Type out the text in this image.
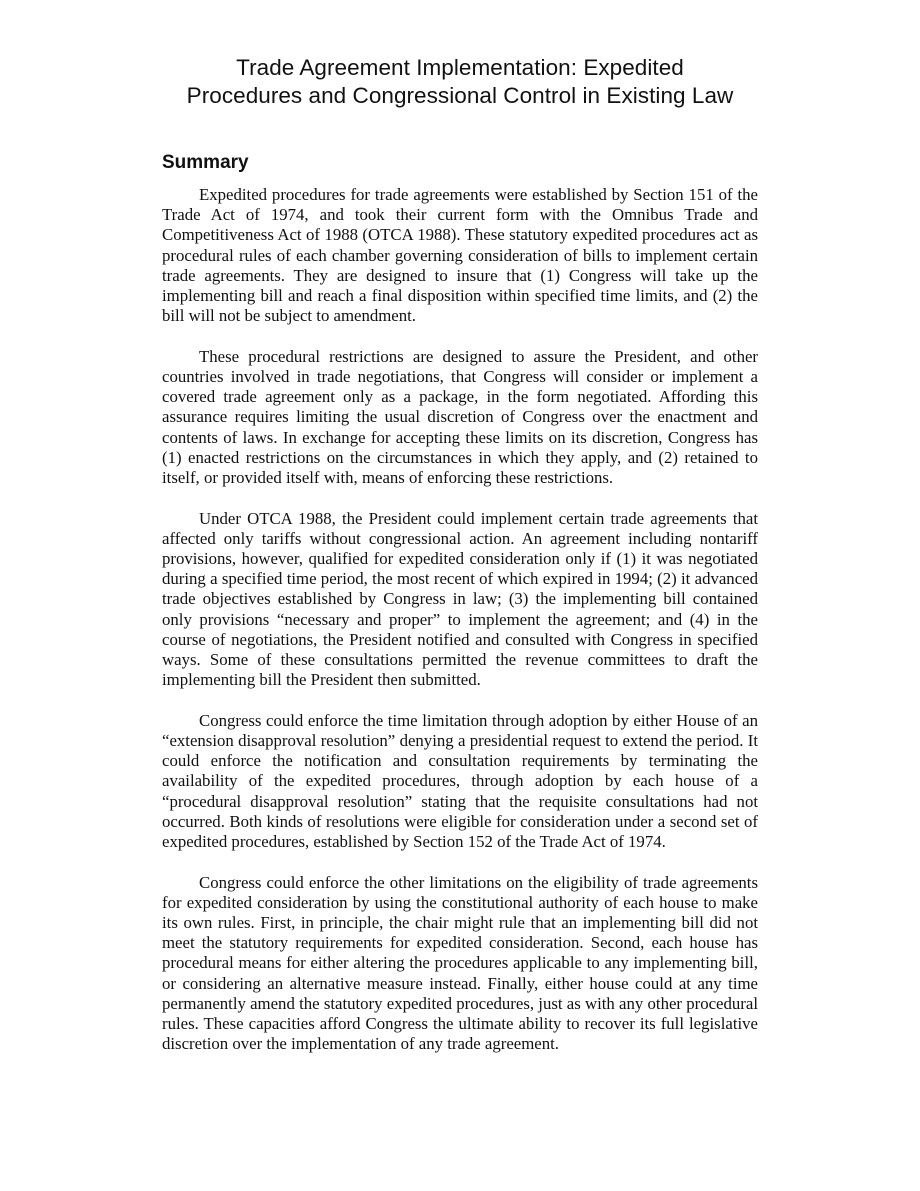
Trade Agreement Implementation: Expedited
Procedures and Congressional Control in Existing Law
Summary

Expedited procedures for trade agreements were established by Section 151 of the Trade Act of 1974, and took their current form with the Omnibus Trade and Competitiveness Act of 1988 (OTCA 1988). These statutory expedited procedures act as procedural rules of each chamber governing consideration of bills to implement certain trade agreements. They are designed to insure that (1) Congress will take up the implementing bill and reach a final disposition within specified time limits, and (2) the bill will not be subject to amendment.

These procedural restrictions are designed to assure the President, and other countries involved in trade negotiations, that Congress will consider or implement a covered trade agreement only as a package, in the form negotiated. Affording this assurance requires limiting the usual discretion of Congress over the enactment and contents of laws. In exchange for accepting these limits on its discretion, Congress has (1) enacted restrictions on the circumstances in which they apply, and (2) retained to itself, or provided itself with, means of enforcing these restrictions.

Under OTCA 1988, the President could implement certain trade agreements that affected only tariffs without congressional action. An agreement including nontariff provisions, however, qualified for expedited consideration only if (1) it was negotiated during a specified time period, the most recent of which expired in 1994; (2) it advanced trade objectives established by Congress in law; (3) the implementing bill contained only provisions “necessary and proper” to implement the agreement; and (4) in the course of negotiations, the President notified and consulted with Congress in specified ways. Some of these consultations permitted the revenue committees to draft the implementing bill the President then submitted.

Congress could enforce the time limitation through adoption by either House of an “extension disapproval resolution” denying a presidential request to extend the period. It could enforce the notification and consultation requirements by terminating the availability of the expedited procedures, through adoption by each house of a “procedural disapproval resolution” stating that the requisite consultations had not occurred. Both kinds of resolutions were eligible for consideration under a second set of expedited procedures, established by Section 152 of the Trade Act of 1974.

Congress could enforce the other limitations on the eligibility of trade agreements for expedited consideration by using the constitutional authority of each house to make its own rules. First, in principle, the chair might rule that an implementing bill did not meet the statutory requirements for expedited consideration. Second, each house has procedural means for either altering the procedures applicable to any implementing bill, or considering an alternative measure instead. Finally, either house could at any time permanently amend the statutory expedited procedures, just as with any other procedural rules. These capacities afford Congress the ultimate ability to recover its full legislative discretion over the implementation of any trade agreement.
